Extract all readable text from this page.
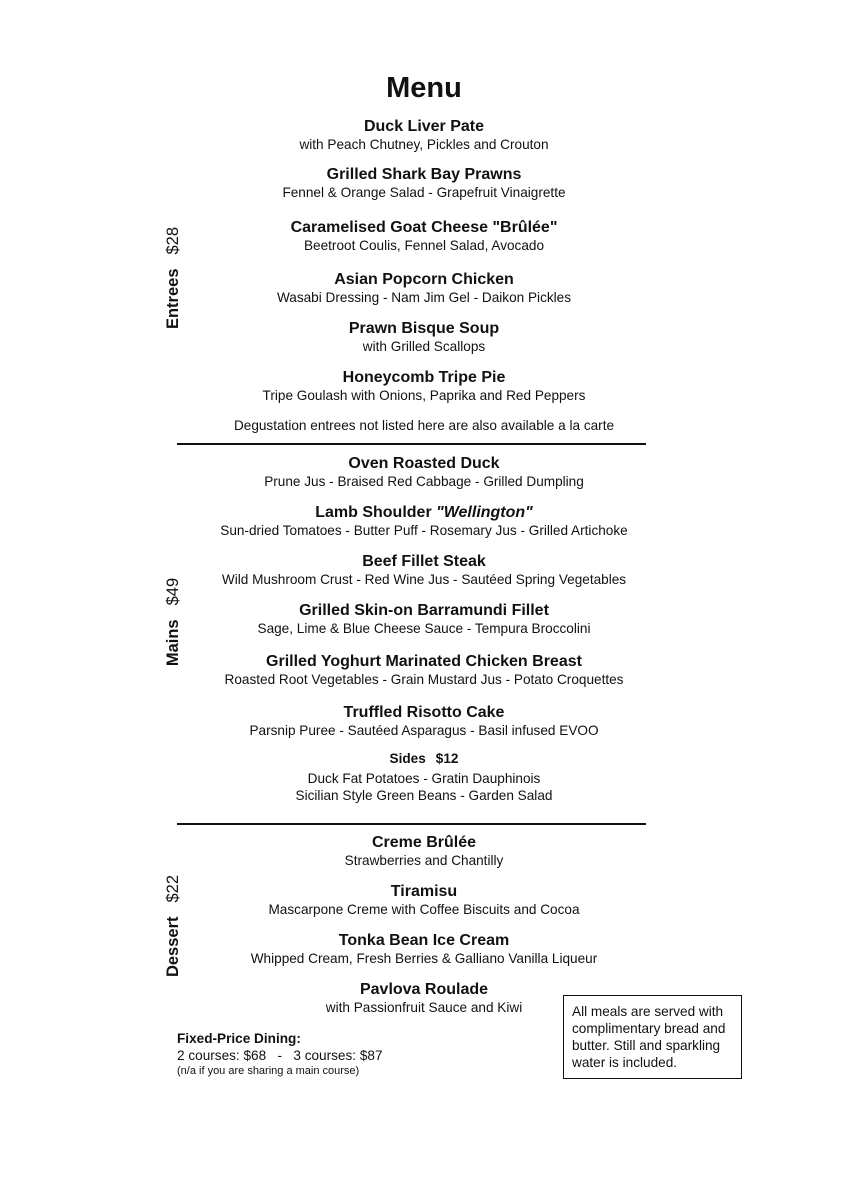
Menu
Entrees$28
Duck Liver Pate
with Peach Chutney, Pickles and Crouton
Grilled Shark Bay Prawns
Fennel & Orange Salad - Grapefruit Vinaigrette
Caramelised Goat Cheese "Brûlée"
Beetroot Coulis, Fennel Salad, Avocado
Asian Popcorn Chicken
Wasabi Dressing - Nam Jim Gel - Daikon Pickles
Prawn Bisque Soup
with Grilled Scallops
Honeycomb Tripe Pie
Tripe Goulash with Onions, Paprika and Red Peppers
Degustation entrees not listed here are also available a la carte
Mains$49
Oven Roasted Duck
Prune Jus - Braised Red Cabbage - Grilled Dumpling
Lamb Shoulder "Wellington"
Sun-dried Tomatoes - Butter Puff - Rosemary Jus - Grilled Artichoke
Beef Fillet Steak
Wild Mushroom Crust - Red Wine Jus - Sautéed Spring Vegetables
Grilled Skin-on Barramundi Fillet
Sage, Lime & Blue Cheese Sauce - Tempura Broccolini
Grilled Yoghurt Marinated Chicken Breast
Roasted Root Vegetables - Grain Mustard Jus - Potato Croquettes
Truffled Risotto Cake
Parsnip Puree - Sautéed Asparagus - Basil infused EVOO
Sides $12
Duck Fat Potatoes - Gratin Dauphinois
Sicilian Style Green Beans - Garden Salad
Dessert$22
Creme Brûlée
Strawberries and Chantilly
Tiramisu
Mascarpone Creme with Coffee Biscuits and Cocoa
Tonka Bean Ice Cream
Whipped Cream, Fresh Berries & Galliano Vanilla Liqueur
Pavlova Roulade
with Passionfruit Sauce and Kiwi
Fixed-Price Dining:
2 courses: $68   -   3 courses: $87
(n/a if you are sharing a main course)
All meals are served with complimentary bread and butter. Still and sparkling water is included.
